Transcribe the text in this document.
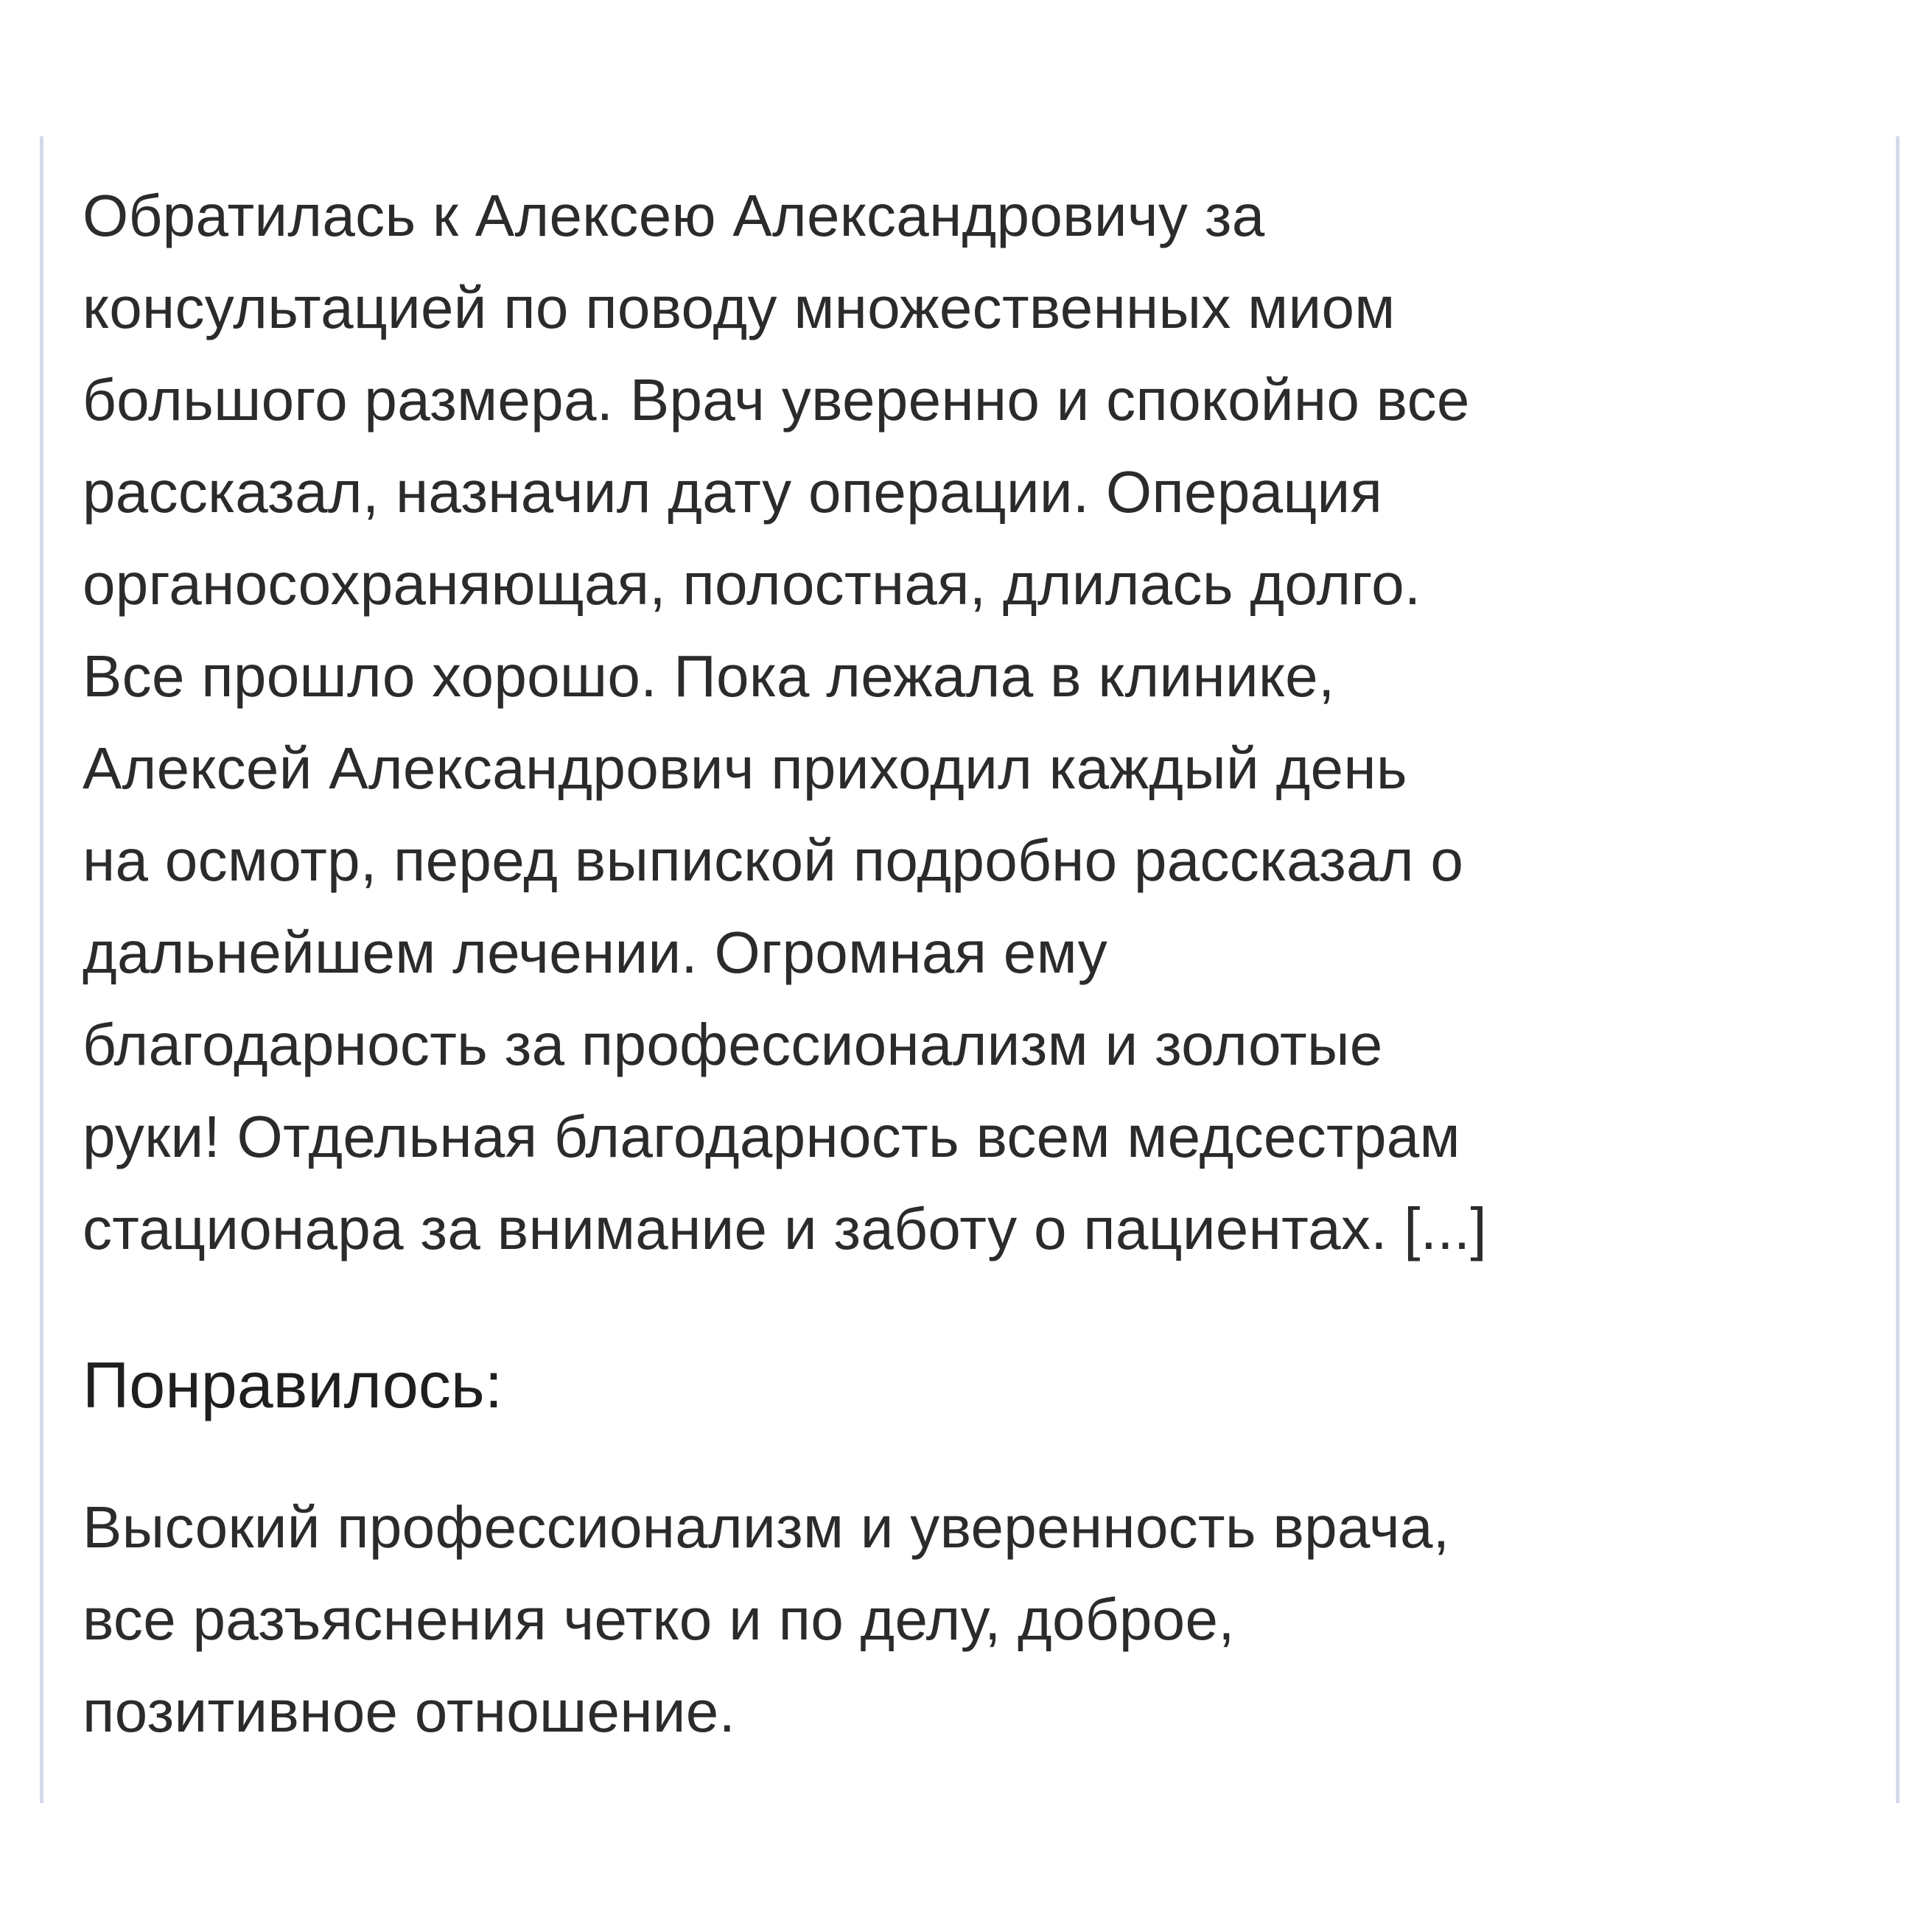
Обратилась к Алексею Александровичу за
консультацией по поводу множественных миом
большого размера. Врач уверенно и спокойно все
рассказал, назначил дату операции. Операция
органосохраняющая, полостная, длилась долго.
Все прошло хорошо. Пока лежала в клинике,
Алексей Александрович приходил каждый день
на осмотр, перед выпиской подробно рассказал о
дальнейшем лечении. Огромная ему
благодарность за профессионализм и золотые
руки! Отдельная благодарность всем медсестрам
стационара за внимание и заботу о пациентах. [...]

Понравилось:

Высокий профессионализм и уверенность врача,
все разъяснения четко и по делу, доброе,
позитивное отношение.
